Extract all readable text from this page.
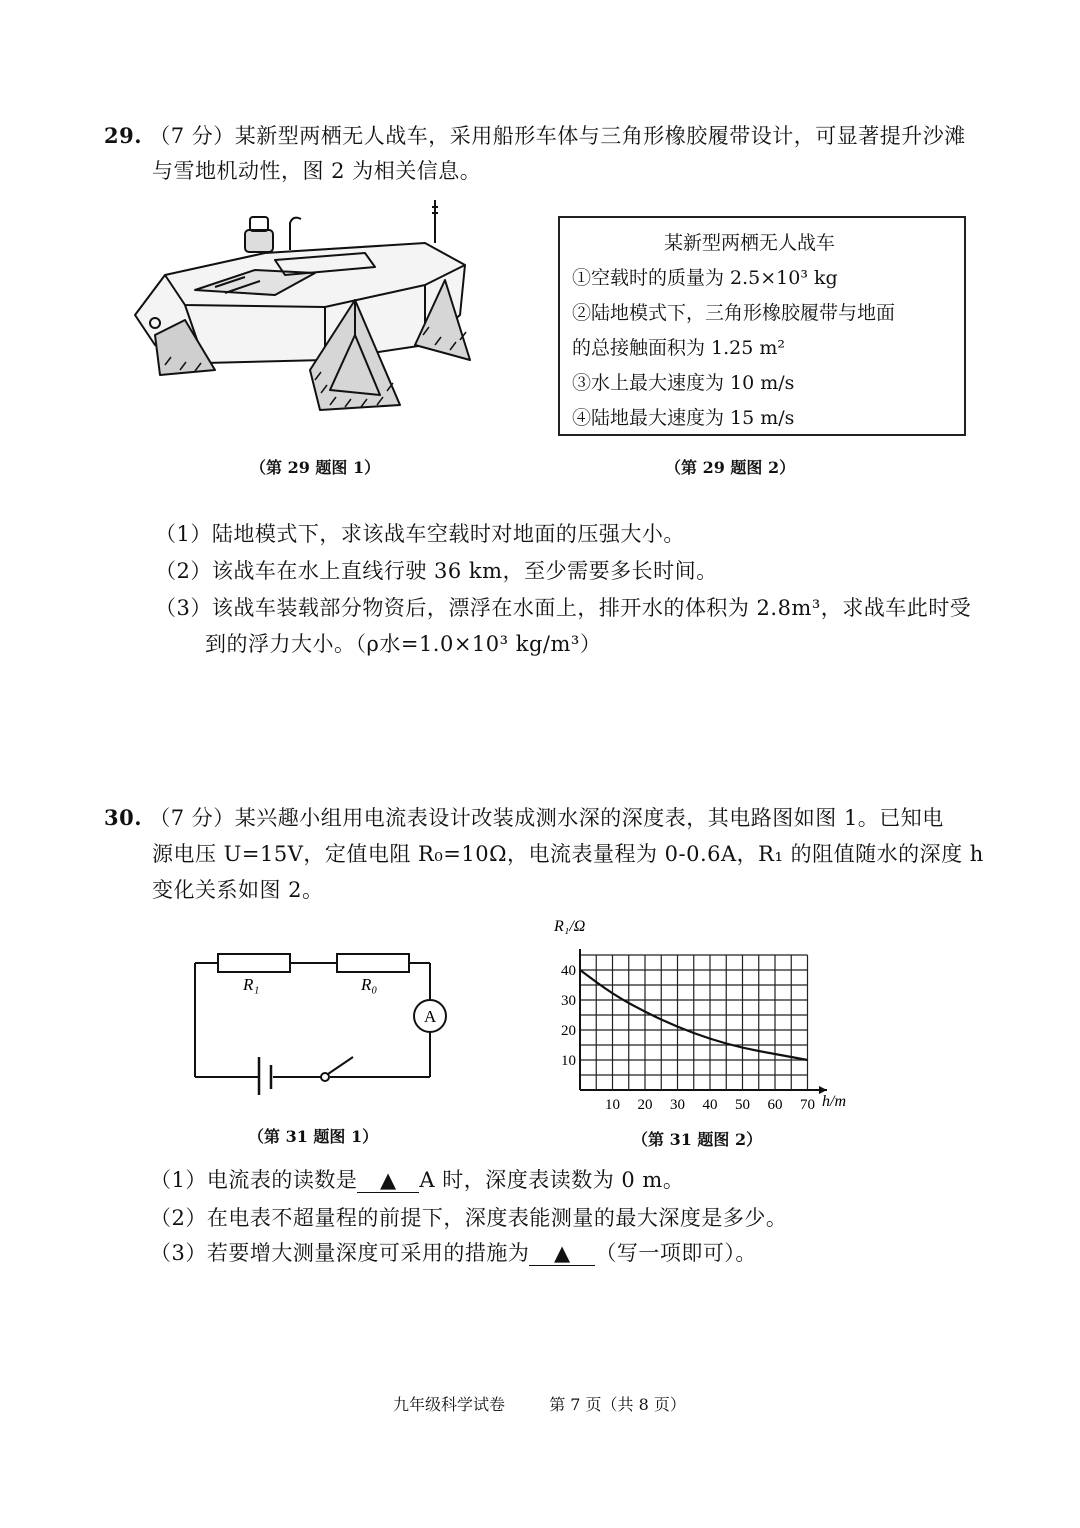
29. （7 分）某新型两栖无人战车，采用船形车体与三角形橡胶履带设计，可显著提升沙滩
与雪地机动性，图 2 为相关信息。
（第 29 题图 1）
某新型两栖无人战车
①空载时的质量为 2.5×10³ kg
②陆地模式下，三角形橡胶履带与地面
的总接触面积为 1.25 m²
③水上最大速度为 10 m/s
④陆地最大速度为 15 m/s
（第 29 题图 2）
（1）陆地模式下，求该战车空载时对地面的压强大小。
（2）该战车在水上直线行驶 36 km，至少需要多长时间。
（3）该战车装载部分物资后，漂浮在水面上，排开水的体积为 2.8m³，求战车此时受
到的浮力大小。（ρ水=1.0×10³ kg/m³）
30. （7 分）某兴趣小组用电流表设计改装成测水深的深度表，其电路图如图 1。已知电
源电压 U=15V，定值电阻 R₀=10Ω，电流表量程为 0-0.6A，R₁ 的阻值随水的深度 h
变化关系如图 2。
R₁	R₀
A
（第 31 题图 1）
10 20 30 40 50 60 70
10
20
30
40
R₁/Ω
h/m
（第 31 题图 2）
（1）电流表的读数是 ▲ A 时，深度表读数为 0 m。
（2）在电表不超量程的前提下，深度表能测量的最大深度是多少。
（3）若要增大测量深度可采用的措施为 ▲ （写一项即可）。
九年级科学试卷	第 7 页（共 8 页）
